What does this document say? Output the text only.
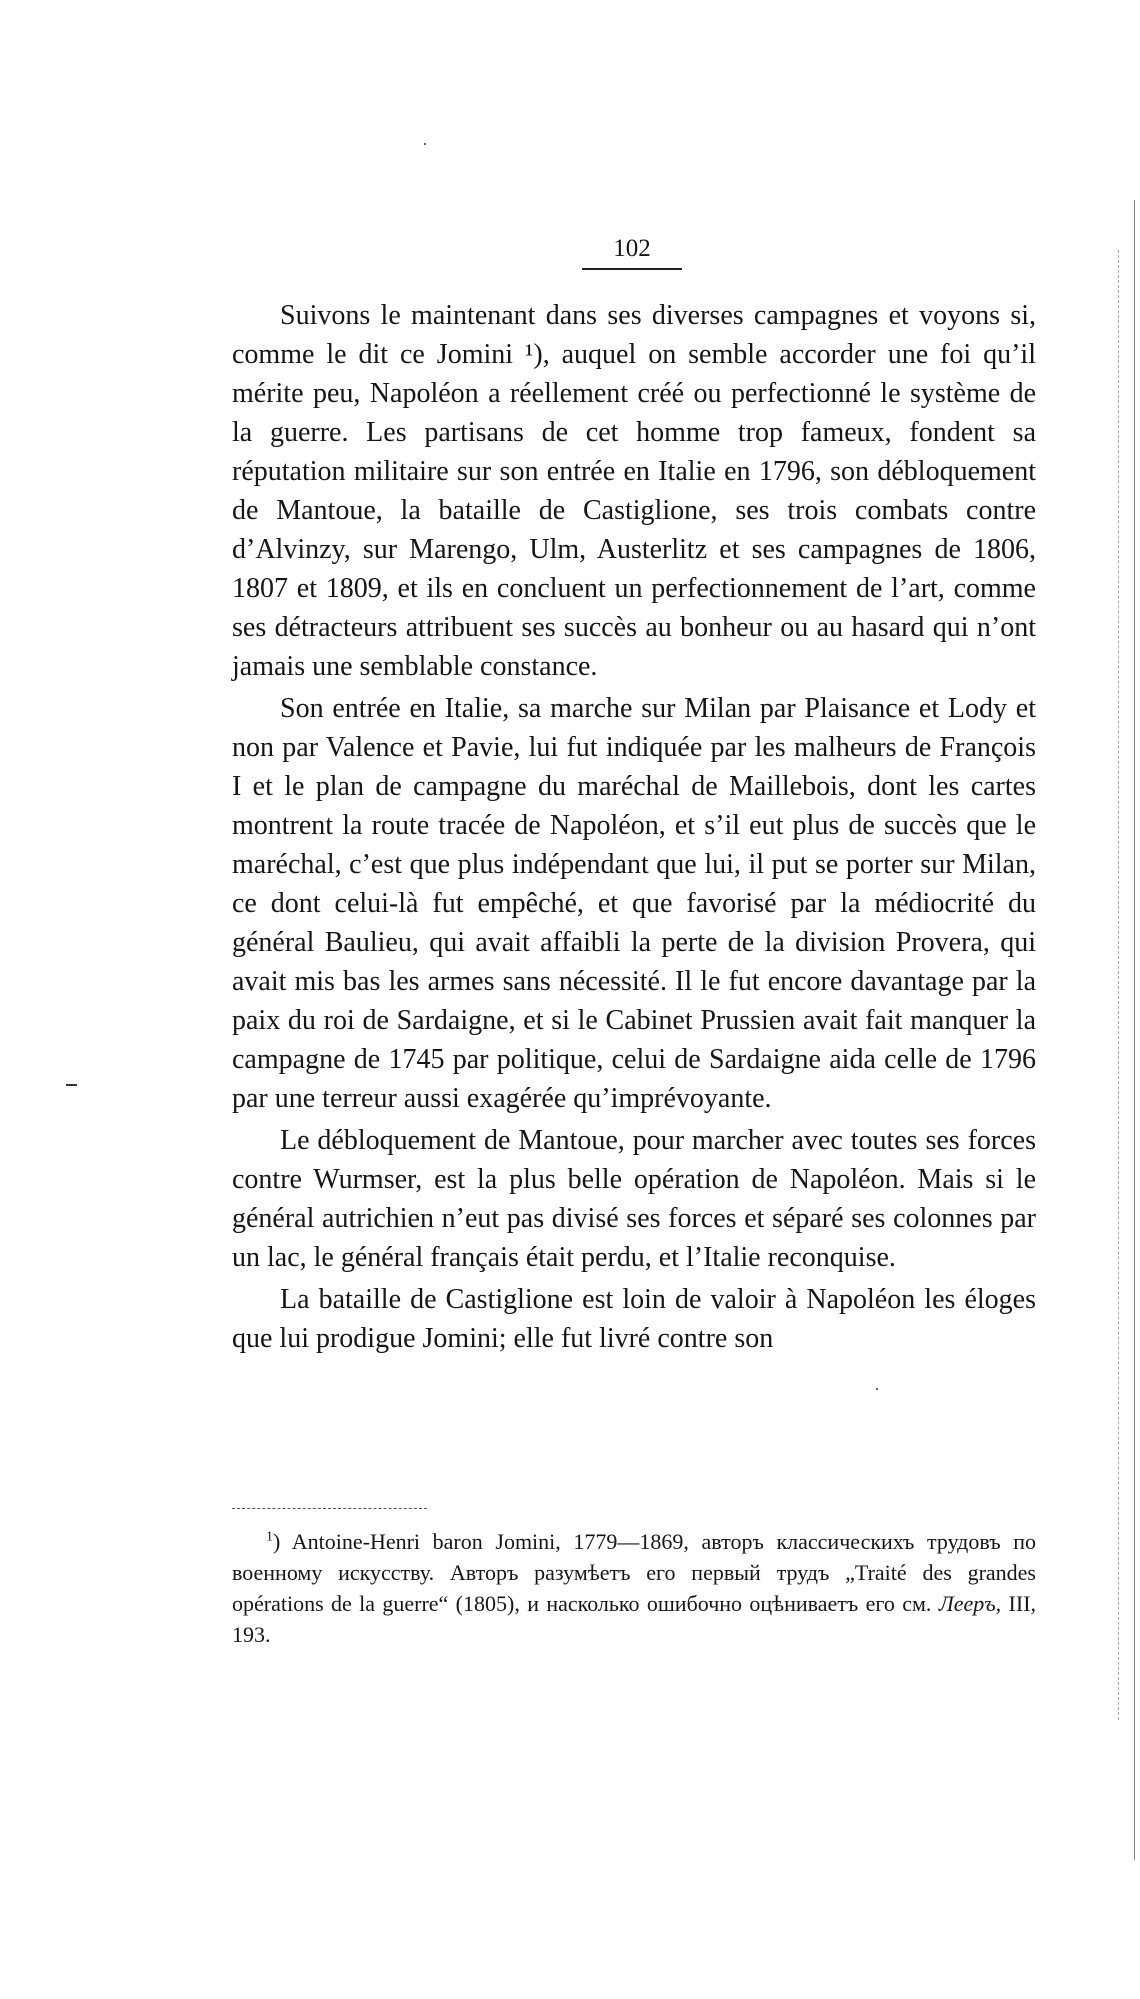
102

Suivons le maintenant dans ses diverses campagnes et voyons si, comme le dit ce Jomini ¹), auquel on semble accorder une foi qu’il mérite peu, Napoléon a réellement créé ou perfectionné le système de la guerre. Les partisans de cet homme trop fameux, fondent sa réputation militaire sur son entrée en Italie en 1796, son débloquement de Mantoue, la bataille de Castiglione, ses trois combats contre d’Alvinzy, sur Marengo, Ulm, Austerlitz et ses campagnes de 1806, 1807 et 1809, et ils en concluent un perfectionnement de l’art, comme ses détracteurs attribuent ses succès au bonheur ou au hasard qui n’ont jamais une semblable constance.

Son entrée en Italie, sa marche sur Milan par Plaisance et Lody et non par Valence et Pavie, lui fut indiquée par les malheurs de François I et le plan de campagne du maréchal de Maillebois, dont les cartes montrent la route tracée de Napoléon, et s’il eut plus de succès que le maréchal, c’est que plus indépendant que lui, il put se porter sur Milan, ce dont celui-là fut empêché, et que favorisé par la médiocrité du général Baulieu, qui avait affaibli la perte de la division Provera, qui avait mis bas les armes sans nécessité. Il le fut encore davantage par la paix du roi de Sardaigne, et si le Cabinet Prussien avait fait manquer la campagne de 1745 par politique, celui de Sardaigne aida celle de 1796 par une terreur aussi exagérée qu’imprévoyante.

Le débloquement de Mantoue, pour marcher avec toutes ses forces contre Wurmser, est la plus belle opération de Napoléon. Mais si le général autrichien n’eut pas divisé ses forces et séparé ses colonnes par un lac, le général français était perdu, et l’Italie reconquise.

La bataille de Castiglione est loin de valoir à Napoléon les éloges que lui prodigue Jomini; elle fut livré contre son

$^1$) Antoine-Henri baron Jomini, 1779—1869, авторъ классическихъ трудовъ по военному искусству. Авторъ разумѣетъ его первый трудъ „Traité des grandes opérations de la guerre“ (1805), и насколько ошибочно оцѣниваетъ его см. Лееръ, III, 193.
